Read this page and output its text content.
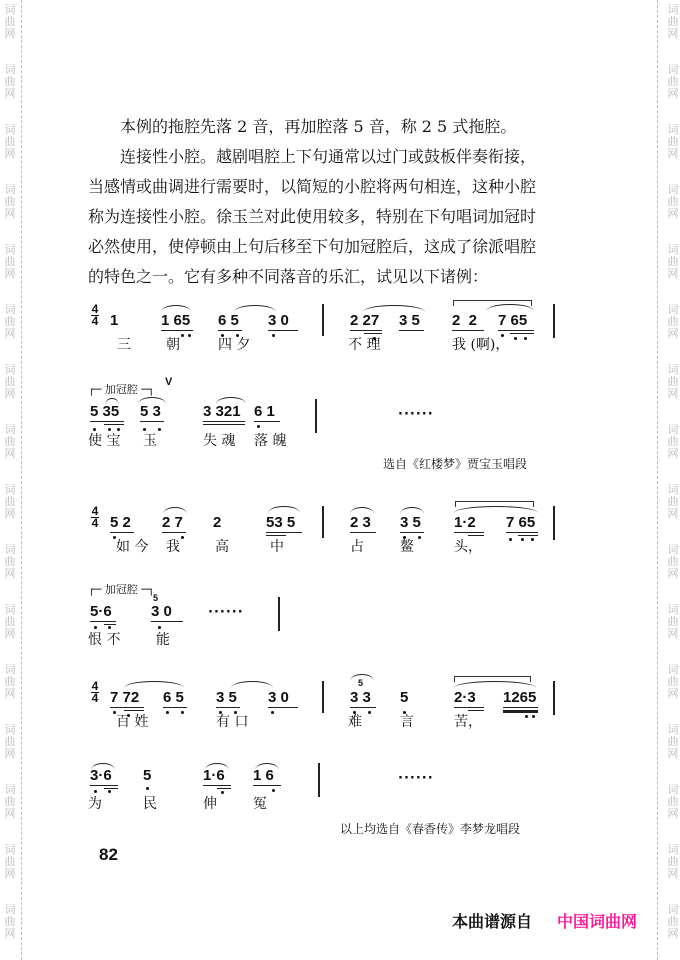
词
曲
网
词
曲
网
词
曲
网
词
曲
网
词
曲
网
词
曲
网
词
曲
网
词
曲
网
词
曲
网
词
曲
网
词
曲
网
词
曲
网
词
曲
网
词
曲
网
词
曲
网
词
曲
网
词
曲
网
词
曲
网
词
曲
网
词
曲
网
词
曲
网
词
曲
网
词
曲
网
词
曲
网
词
曲
网
词
曲
网
词
曲
网
词
曲
网
词
曲
网
词
曲
网
词
曲
网
词
曲
网

本例的拖腔先落 2 音，再加腔落 5 音，称 2 5 式拖腔。

连接性小腔。越剧唱腔上下句通常以过门或鼓板伴奏衔接，

当感情或曲调进行需要时，以简短的小腔将两句相连，这种小腔

称为连接性小腔。徐玉兰对此使用较多，特别在下句唱词加冠时

必然使用，使停顿由上句后移至下句加冠腔后，这成了徐派唱腔

的特色之一。它有多种不同落音的乐汇，试见以下诸例：

4
4 1	1 65 6 5 3 0	2 27 3 5 2  2 7 65
三	朝	四 夕	不 理	我 (啊)，
┌─ 加冠腔 ─┐
5 35 5 3
V
3 321 6 1	······
使 宝 玉	失 魂 落 魄
选自《红楼梦》贾宝玉唱段
4
4 5 2 2 7 2	53 5	2 3 3 5 1·2 7 65
如 今 我	高	中	占	鳌	头，
┌─ 加冠腔 ─┐
5
5·6	3 0	······
恨 不	能
4
4 7 72 6 5 3 5 3 0
5
3 3 5	2·3 1265
百 姓	有 口	难	言	苦，
3·6 5	1·6 1 6	······
为	民	伸	冤
以上均选自《春香传》李梦龙唱段
82
本曲谱源自 中国词曲网
